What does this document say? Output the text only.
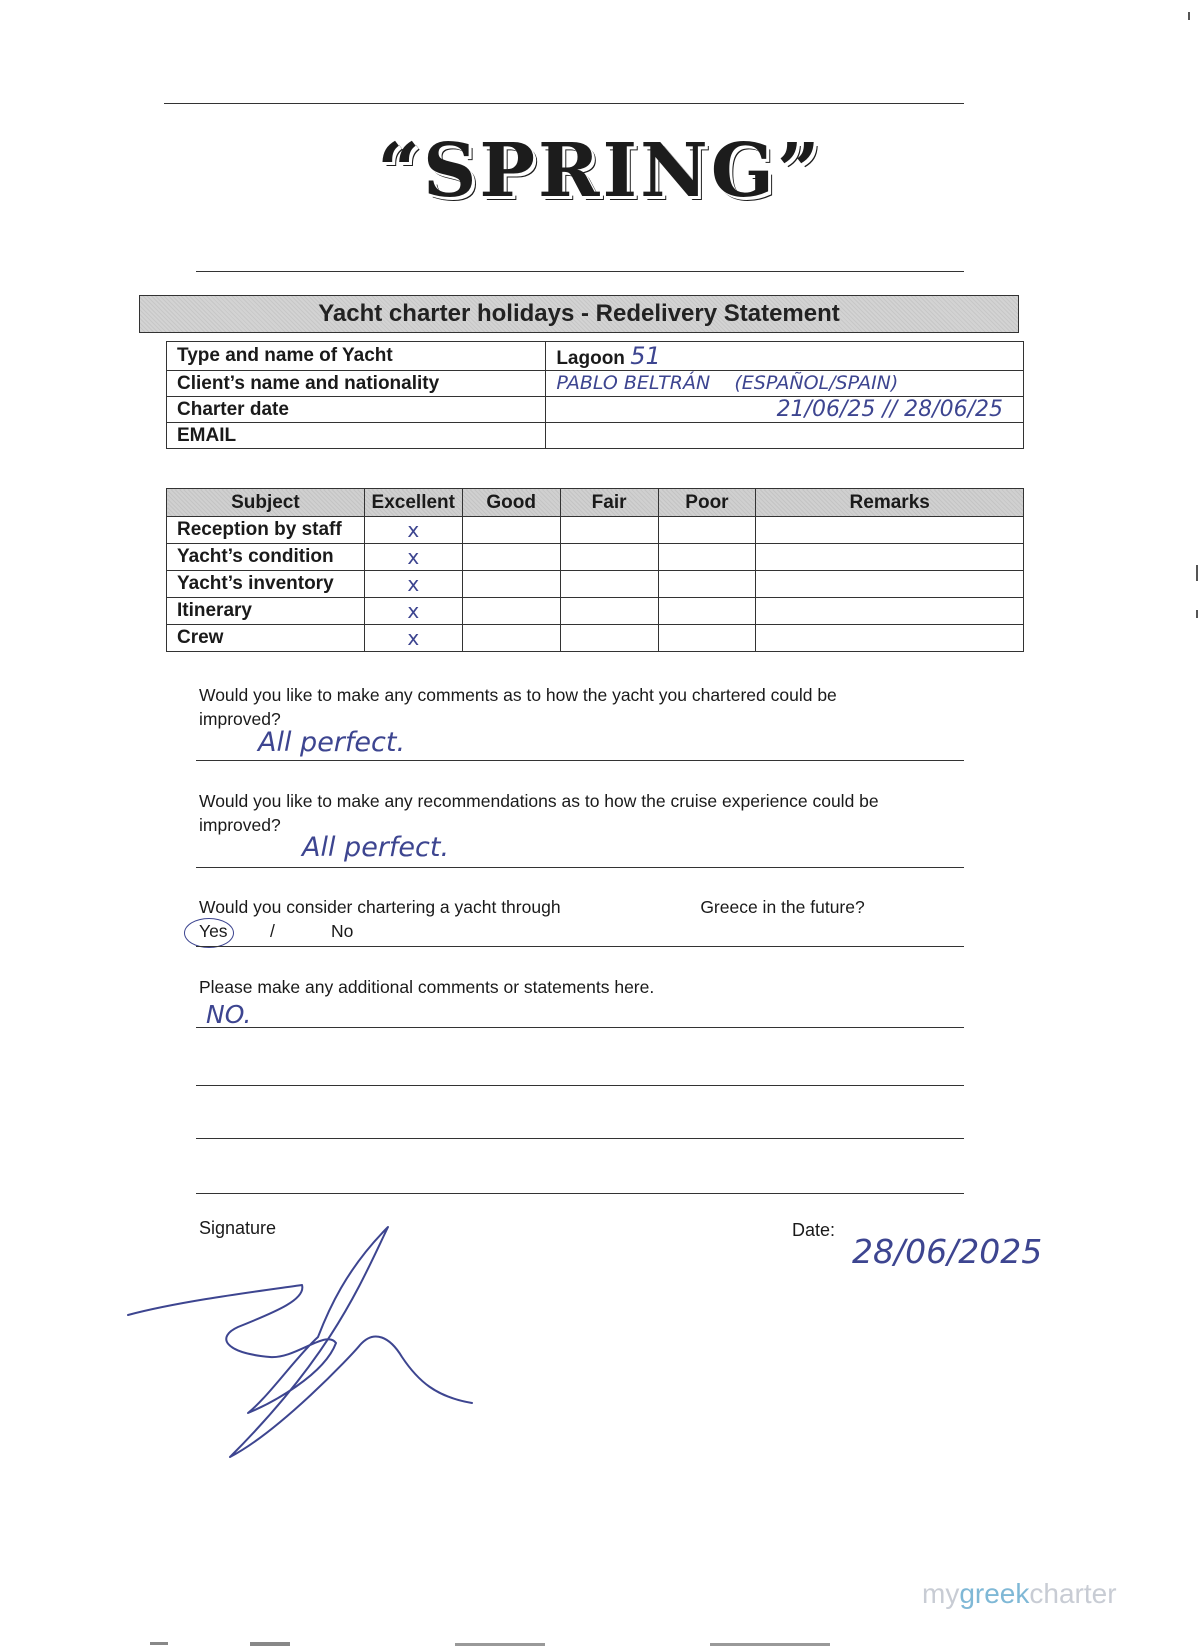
“SPRING”
Yacht charter holidays - Redelivery Statement
Type and name of Yacht	Lagoon 51
Client’s name and nationality	PABLO BELTRÁN    (ESPAÑOL/SPAIN)
Charter date	21/06/25 // 28/06/25
EMAIL	
Subject	Excellent	Good	Fair	Poor	Remarks
Reception by staff	x				
Yacht’s condition	x				
Yacht’s inventory	x				
Itinerary	x				
Crew	x				
Would you like to make any comments as to how the yacht you chartered could be
improved?
All perfect.
Would you like to make any recommendations as to how the cruise experience could be
improved?
All perfect.
Would you consider chartering a yacht through	Greece in the future?
Yes /	No
Please make any additional comments or statements here.
NO.
Signature	Date:
28/06/2025
mygreekcharter
